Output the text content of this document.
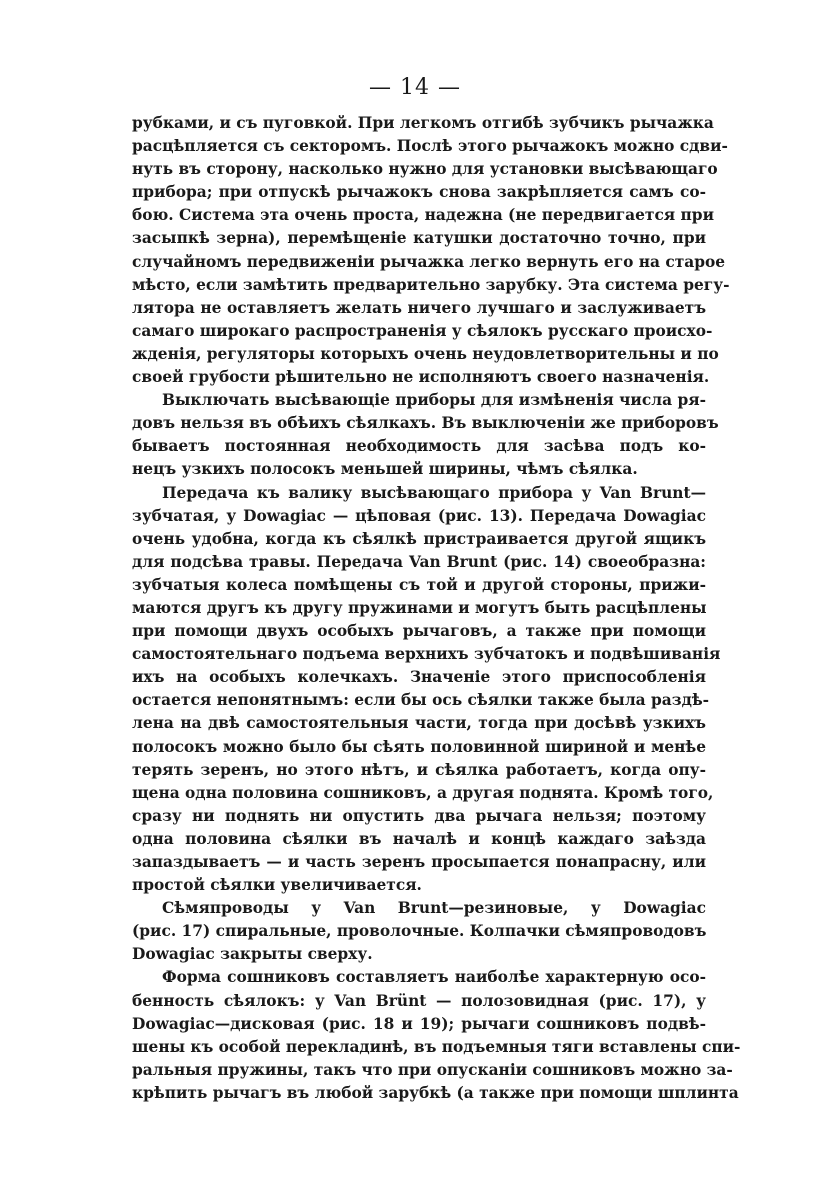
— 14 —
рубками, и съ пуговкой. При легкомъ отгибѣ зубчикъ рычажка
расцѣпляется съ секторомъ. Послѣ этого рычажокъ можно сдви-
нуть въ сторону, насколько нужно для установки высѣвающаго
прибора; при отпускѣ рычажокъ снова закрѣпляется самъ со-
бою. Система эта очень проста, надежна (не передвигается при
засыпкѣ зерна), перемѣщеніе катушки достаточно точно, при
случайномъ передвиженіи рычажка легко вернуть его на старое
мѣсто, если замѣтить предварительно зарубку. Эта система регу-
лятора не оставляетъ желать ничего лучшаго и заслуживаетъ
самаго широкаго распространенія у сѣялокъ русскаго происхо-
жденія, регуляторы которыхъ очень неудовлетворительны и по
своей грубости рѣшительно не исполняютъ своего назначенія.
Выключать высѣвающіе приборы для измѣненія числа ря-
довъ нельзя въ обѣихъ сѣялкахъ. Въ выключеніи же приборовъ
бываетъ постоянная необходимость для засѣва подъ ко-
нецъ узкихъ полосокъ меньшей ширины, чѣмъ сѣялка.
Передача къ валику высѣвающаго прибора у Van Brunt—
зубчатая, у Dowagiac — цѣповая (рис. 13). Передача Dowagiac
очень удобна, когда къ сѣялкѣ пристраивается другой ящикъ
для подсѣва травы. Передача Van Brunt (рис. 14) своеобразна:
зубчатыя колеса помѣщены съ той и другой стороны, прижи-
маются другъ къ другу пружинами и могутъ быть расцѣплены
при помощи двухъ особыхъ рычаговъ, а также при помощи
самостоятельнаго подъема верхнихъ зубчатокъ и подвѣшиванія
ихъ на особыхъ колечкахъ. Значеніе этого приспособленія
остается непонятнымъ: если бы ось сѣялки также была раздѣ-
лена на двѣ самостоятельныя части, тогда при досѣвѣ узкихъ
полосокъ можно было бы сѣять половинной шириной и менѣе
терять зеренъ, но этого нѣтъ, и сѣялка работаетъ, когда опу-
щена одна половина сошниковъ, а другая поднята. Кромѣ того,
сразу ни поднять ни опустить два рычага нельзя; поэтому
одна половина сѣялки въ началѣ и концѣ каждаго заѣзда
запаздываетъ — и часть зеренъ просыпается понапрасну, или
простой сѣялки увеличивается.
Сѣмяпроводы у Van Brunt—резиновые, у Dowagiac
(рис. 17) спиральные, проволочные. Колпачки сѣмяпроводовъ
Dowagiac закрыты сверху.
Форма сошниковъ составляетъ наиболѣе характерную осо-
бенность сѣялокъ: у Van Brünt — полозовидная (рис. 17), у
Dowagiac—дисковая (рис. 18 и 19); рычаги сошниковъ подвѣ-
шены къ особой перекладинѣ, въ подъемныя тяги вставлены спи-
ральныя пружины, такъ что при опусканіи сошниковъ можно за-
крѣпить рычагъ въ любой зарубкѣ (а также при помощи шплинта
